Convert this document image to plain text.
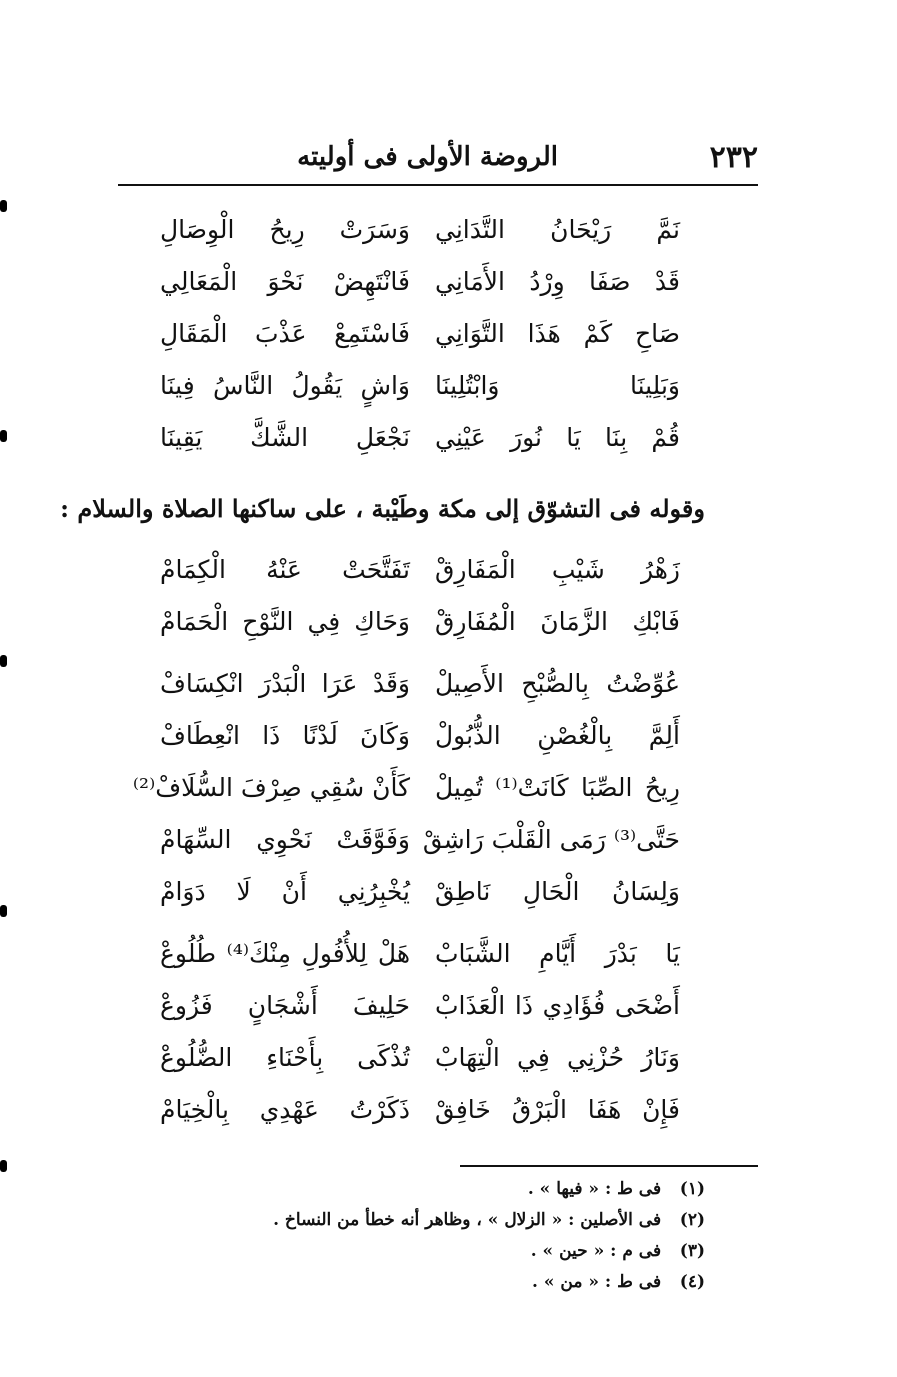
٢٣٢
الروضة الأولى فى أوليته
نَمَّ رَيْحَانُ التَّدَانِي
وَسَرَتْ رِيحُ الْوِصَالِ
قَدْ صَفَا وِرْدُ الأَمَانِي
فَانْتَهِضْ نَحْوَ الْمَعَالِي
صَاحِ كَمْ هَذَا التَّوَانِي
فَاسْتَمِعْ عَذْبَ الْمَقَالِ
وَبَلِينَا وَابْتُلِينَا
وَاشٍ يَقُولُ النَّاسُ فِينَا
قُمْ بِنَا يَا نُورَ عَيْنِي
نَجْعَلِ الشَّكَّ يَقِينَا
وقوله فى التشوّق إلى مكة وطَيْبة ، على ساكنها الصلاة والسلام :
زَهْرُ شَيْبِ الْمَفَارِقْ
تَفَتَّحَتْ عَنْهُ الْكِمَامْ
فَابْكِ الزَّمَانَ الْمُفَارِقْ
وَحَاكِ فِي النَّوْحِ الْحَمَامْ
عُوِّضْتُ بِالصُّبْحِ الأَصِيلْ
وَقَدْ عَرَا الْبَدْرَ انْكِسَافْ
أَلِمَّ بِالْغُصْنِ الذُّبُولْ
وَكَانَ لَدْنًا ذَا انْعِطَافْ
رِيحُ الصِّبَا كَانَتْ⁽¹⁾ تُمِيلْ
كَأَنْ سُقِي صِرْفَ السُّلَافْ⁽²⁾
حَتَّى⁽³⁾ رَمَى الْقَلْبَ رَاشِقْ
وَفَوَّقَتْ نَحْوِي السِّهَامْ
وَلِسَانُ الْحَالِ نَاطِقْ
يُخْبِرُنِي أَنْ لَا دَوَامْ
يَا بَدْرَ أَيَّامِ الشَّبَابْ
هَلْ لِلأُفُولِ مِنْكَ⁽⁴⁾ طُلُوعْ
أَضْحَى فُؤَادِي ذَا الْعَذَابْ
حَلِيفَ أَشْجَانٍ فَزُوعْ
وَنَارُ حُزْنِي فِي الْتِهَابْ
تُذْكَى بِأَحْنَاءِ الضُّلُوعْ
فَإِنْ هَفَا الْبَرْقُ خَافِقْ
ذَكَرْتُ عَهْدِي بِالْخِيَامْ
(١) فى ط : « فيها » .
(٢) فى الأصلين : « الزلال » ، وظاهر أنه خطأ من النساخ .
(٣) فى م : « حين » .
(٤) فى ط : « من » .
